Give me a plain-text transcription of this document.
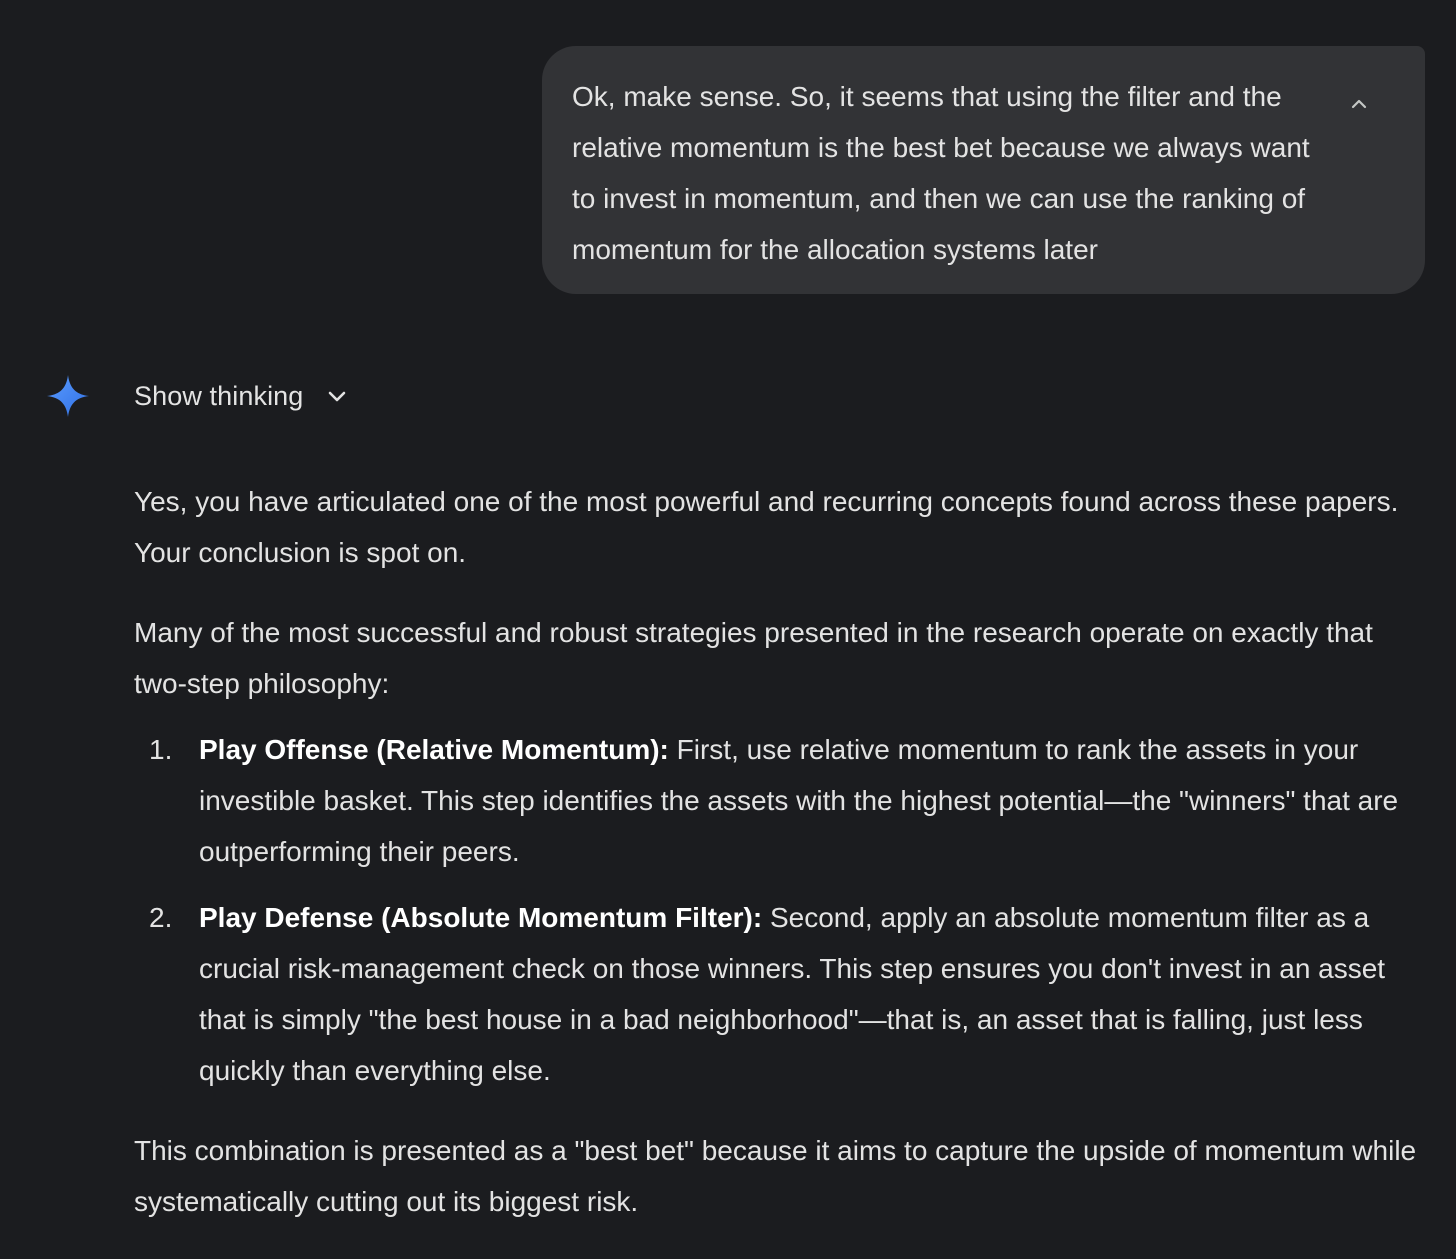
Ok, make sense. So, it seems that using the filter and the relative momentum is the best bet because we always want to invest in momentum, and then we can use the ranking of momentum for the allocation systems later

Show thinking

Yes, you have articulated one of the most powerful and recurring concepts found across these papers. Your conclusion is spot on.

Many of the most successful and robust strategies presented in the research operate on exactly that two-step philosophy:

1. Play Offense (Relative Momentum): First, use relative momentum to rank the assets in your investible basket. This step identifies the assets with the highest potential—the "winners" that are outperforming their peers.
2. Play Defense (Absolute Momentum Filter): Second, apply an absolute momentum filter as a crucial risk-management check on those winners. This step ensures you don't invest in an asset that is simply "the best house in a bad neighborhood"—that is, an asset that is falling, just less quickly than everything else.

This combination is presented as a "best bet" because it aims to capture the upside of momentum while systematically cutting out its biggest risk.
